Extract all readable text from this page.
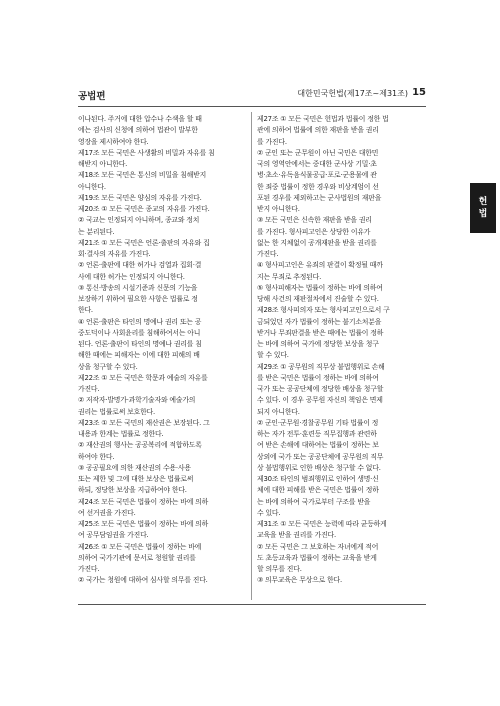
공법편	대한민국헌법(제17조~제31조) 15

이나된다. 주거에 대한 압수나 수색을 할 때

에는 검사의 신청에 의하여 법관이 발부한

영장을 제시하여야 한다.

제17조 모든 국민은 사생활의 비밀과 자유를 침

해받지 아니한다.

제18조 모든 국민은 통신의 비밀을 침해받지

아니한다.

제19조 모든 국민은 양심의 자유를 가진다.

제20조 ① 모든 국민은 종교의 자유를 가진다.

② 국교는 인정되지 아니하며, 종교와 정치

는 분리된다.

제21조 ① 모든 국민은 언론·출판의 자유와 집

회·결사의 자유를 가진다.

② 언론·출판에 대한 허가나 검열과 집회·결

사에 대한 허가는 인정되지 아니한다.

③ 통신·방송의 시설기준과 신문의 기능을

보장하기 위하여 필요한 사항은 법률로 정

한다.

④ 언론·출판은 타인의 명예나 권리 또는 공

중도덕이나 사회윤리를 침해하여서는 아니

된다. 언론·출판이 타인의 명예나 권리를 침

해한 때에는 피해자는 이에 대한 피해의 배

상을 청구할 수 있다.

제22조 ① 모든 국민은 학문과 예술의 자유를

가진다.

② 저작자·발명가·과학기술자와 예술가의

권리는 법률로써 보호한다.

제23조 ① 모든 국민의 재산권은 보장된다. 그

내용과 한계는 법률로 정한다.

② 재산권의 행사는 공공복리에 적합하도록

하여야 한다.

③ 공공필요에 의한 재산권의 수용·사용

또는 제한 및 그에 대한 보상은 법률로써

하되, 정당한 보상을 지급하여야 한다.

제24조 모든 국민은 법률이 정하는 바에 의하

여 선거권을 가진다.

제25조 모든 국민은 법률이 정하는 바에 의하

여 공무담임권을 가진다.

제26조 ① 모든 국민은 법률이 정하는 바에

의하여 국가기관에 문서로 청원할 권리를

가진다.

② 국가는 청원에 대하여 심사할 의무를 진다.

제27조 ① 모든 국민은 헌법과 법률이 정한 법

관에 의하여 법률에 의한 재판을 받을 권리

를 가진다.

② 군인 또는 군무원이 아닌 국민은 대한민

국의 영역안에서는 중대한 군사상 기밀·초

병·초소·유독음식물공급·포로·군용물에 관

한 죄중 법률이 정한 경우와 비상계엄이 선

포된 경우를 제외하고는 군사법원의 재판을

받지 아니한다.

③ 모든 국민은 신속한 재판을 받을 권리

를 가진다. 형사피고인은 상당한 이유가

없는 한 지체없이 공개재판을 받을 권리를

가진다.

④ 형사피고인은 유죄의 판결이 확정될 때까

지는 무죄로 추정된다.

⑤ 형사피해자는 법률이 정하는 바에 의하여

당해 사건의 재판절차에서 진술할 수 있다.

제28조 형사피의자 또는 형사피고인으로서 구

금되었던 자가 법률이 정하는 불기소처분을

받거나 무죄판결을 받은 때에는 법률이 정하

는 바에 의하여 국가에 정당한 보상을 청구

할 수 있다.

제29조 ① 공무원의 직무상 불법행위로 손해

를 받은 국민은 법률이 정하는 바에 의하여

국가 또는 공공단체에 정당한 배상을 청구할

수 있다. 이 경우 공무원 자신의 책임은 면제

되지 아니한다.

② 군인·군무원·경찰공무원 기타 법률이 정

하는 자가 전투·훈련등 직무집행과 관련하

여 받은 손해에 대하여는 법률이 정하는 보

상외에 국가 또는 공공단체에 공무원의 직무

상 불법행위로 인한 배상은 청구할 수 없다.

제30조 타인의 범죄행위로 인하여 생명·신

체에 대한 피해를 받은 국민은 법률이 정하

는 바에 의하여 국가로부터 구조를 받을

수 있다.

제31조 ① 모든 국민은 능력에 따라 균등하게

교육을 받을 권리를 가진다.

② 모든 국민은 그 보호하는 자녀에게 적어

도 초등교육과 법률이 정하는 교육을 받게

할 의무를 진다.

③ 의무교육은 무상으로 한다.

헌
법
